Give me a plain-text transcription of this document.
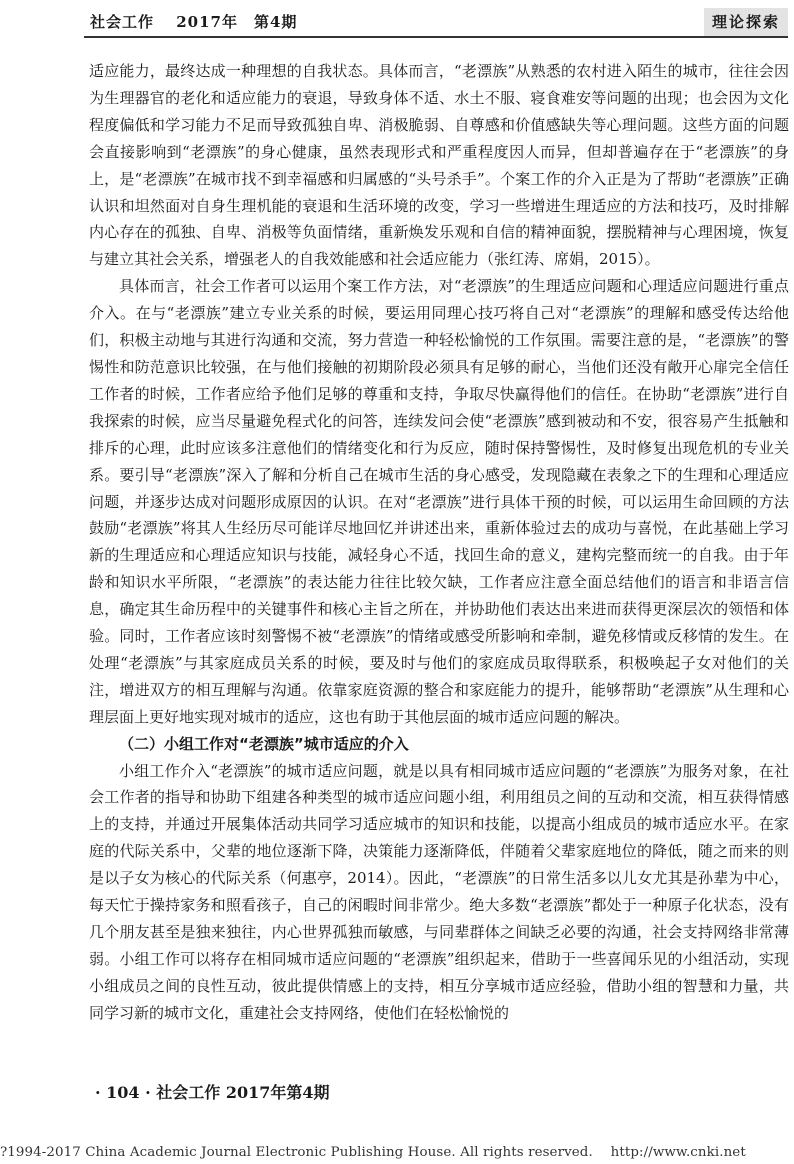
社会工作　 2017年　第4期	理论探索

适应能力，最终达成一种理想的自我状态。具体而言，“老漂族”从熟悉的农村进入陌生的城市，往往会因为生理器官的老化和适应能力的衰退，导致身体不适、水土不服、寝食难安等问题的出现；也会因为文化程度偏低和学习能力不足而导致孤独自卑、消极脆弱、自尊感和价值感缺失等心理问题。这些方面的问题会直接影响到“老漂族”的身心健康，虽然表现形式和严重程度因人而异，但却普遍存在于“老漂族”的身上，是“老漂族”在城市找不到幸福感和归属感的“头号杀手”。个案工作的介入正是为了帮助“老漂族”正确认识和坦然面对自身生理机能的衰退和生活环境的改变，学习一些增进生理适应的方法和技巧，及时排解内心存在的孤独、自卑、消极等负面情绪，重新焕发乐观和自信的精神面貌，摆脱精神与心理困境，恢复与建立其社会关系，增强老人的自我效能感和社会适应能力（张红涛、席娟，2015）。

具体而言，社会工作者可以运用个案工作方法，对“老漂族”的生理适应问题和心理适应问题进行重点介入。在与“老漂族”建立专业关系的时候，要运用同理心技巧将自己对“老漂族”的理解和感受传达给他们，积极主动地与其进行沟通和交流，努力营造一种轻松愉悦的工作氛围。需要注意的是，“老漂族”的警惕性和防范意识比较强，在与他们接触的初期阶段必须具有足够的耐心，当他们还没有敞开心扉完全信任工作者的时候，工作者应给予他们足够的尊重和支持，争取尽快赢得他们的信任。在协助“老漂族”进行自我探索的时候，应当尽量避免程式化的问答，连续发问会使“老漂族”感到被动和不安，很容易产生抵触和排斥的心理，此时应该多注意他们的情绪变化和行为反应，随时保持警惕性，及时修复出现危机的专业关系。要引导“老漂族”深入了解和分析自己在城市生活的身心感受，发现隐藏在表象之下的生理和心理适应问题，并逐步达成对问题形成原因的认识。在对“老漂族”进行具体干预的时候，可以运用生命回顾的方法鼓励“老漂族”将其人生经历尽可能详尽地回忆并讲述出来，重新体验过去的成功与喜悦，在此基础上学习新的生理适应和心理适应知识与技能，减轻身心不适，找回生命的意义，建构完整而统一的自我。由于年龄和知识水平所限，“老漂族”的表达能力往往比较欠缺，工作者应注意全面总结他们的语言和非语言信息，确定其生命历程中的关键事件和核心主旨之所在，并协助他们表达出来进而获得更深层次的领悟和体验。同时，工作者应该时刻警惕不被“老漂族”的情绪或感受所影响和牵制，避免移情或反移情的发生。在处理“老漂族”与其家庭成员关系的时候，要及时与他们的家庭成员取得联系，积极唤起子女对他们的关注，增进双方的相互理解与沟通。依靠家庭资源的整合和家庭能力的提升，能够帮助“老漂族”从生理和心理层面上更好地实现对城市的适应，这也有助于其他层面的城市适应问题的解决。

（二）小组工作对“老漂族”城市适应的介入

小组工作介入“老漂族”的城市适应问题，就是以具有相同城市适应问题的“老漂族”为服务对象，在社会工作者的指导和协助下组建各种类型的城市适应问题小组，利用组员之间的互动和交流，相互获得情感上的支持，并通过开展集体活动共同学习适应城市的知识和技能，以提高小组成员的城市适应水平。在家庭的代际关系中，父辈的地位逐渐下降，决策能力逐渐降低，伴随着父辈家庭地位的降低，随之而来的则是以子女为核心的代际关系（何惠亭，2014）。因此，“老漂族”的日常生活多以儿女尤其是孙辈为中心，每天忙于操持家务和照看孩子，自己的闲暇时间非常少。绝大多数“老漂族”都处于一种原子化状态，没有几个朋友甚至是独来独往，内心世界孤独而敏感，与同辈群体之间缺乏必要的沟通，社会支持网络非常薄弱。小组工作可以将存在相同城市适应问题的“老漂族”组织起来，借助于一些喜闻乐见的小组活动，实现小组成员之间的良性互动，彼此提供情感上的支持，相互分享城市适应经验，借助小组的智慧和力量，共同学习新的城市文化，重建社会支持网络，使他们在轻松愉悦的

· 104 · 社会工作 2017年第4期
?1994-2017 China Academic Journal Electronic Publishing House. All rights reserved.　 http://www.cnki.net
